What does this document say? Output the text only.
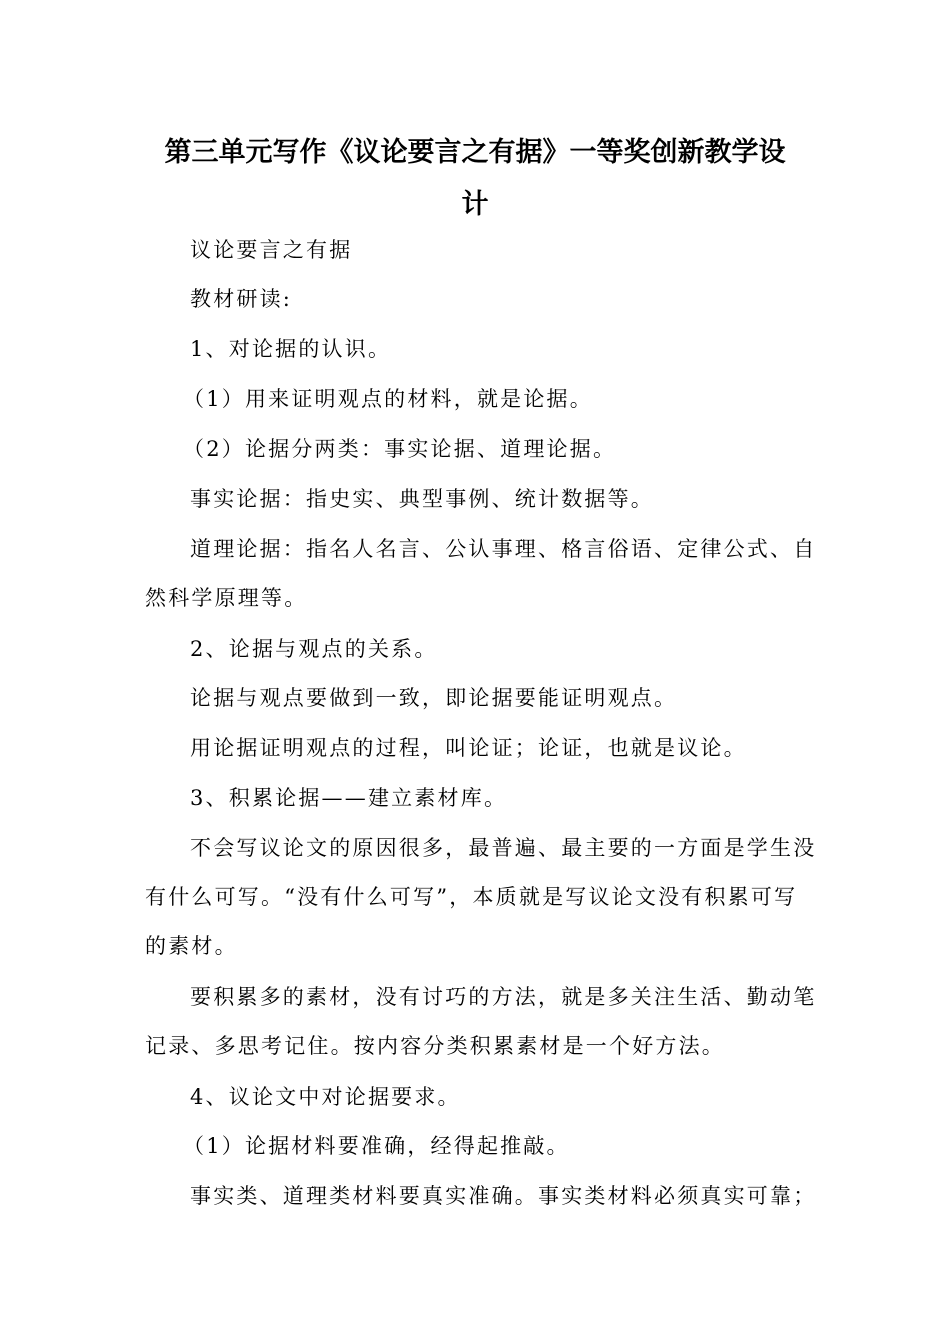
第三单元写作《议论要言之有据》一等奖创新教学设
计

议论要言之有据

教材研读:

1、对论据的认识。

（1）用来证明观点的材料，就是论据。

（2）论据分两类：事实论据、道理论据。

事实论据：指史实、典型事例、统计数据等。

道理论据：指名人名言、公认事理、格言俗语、定律公式、自
然科学原理等。

2、论据与观点的关系。

论据与观点要做到一致，即论据要能证明观点。

用论据证明观点的过程，叫论证；论证，也就是议论。

3、积累论据——建立素材库。

不会写议论文的原因很多，最普遍、最主要的一方面是学生没
有什么可写。“没有什么可写”，本质就是写议论文没有积累可写
的素材。

要积累多的素材，没有讨巧的方法，就是多关注生活、勤动笔
记录、多思考记住。按内容分类积累素材是一个好方法。

4、议论文中对论据要求。

（1）论据材料要准确，经得起推敲。

事实类、道理类材料要真实准确。事实类材料必须真实可靠；
